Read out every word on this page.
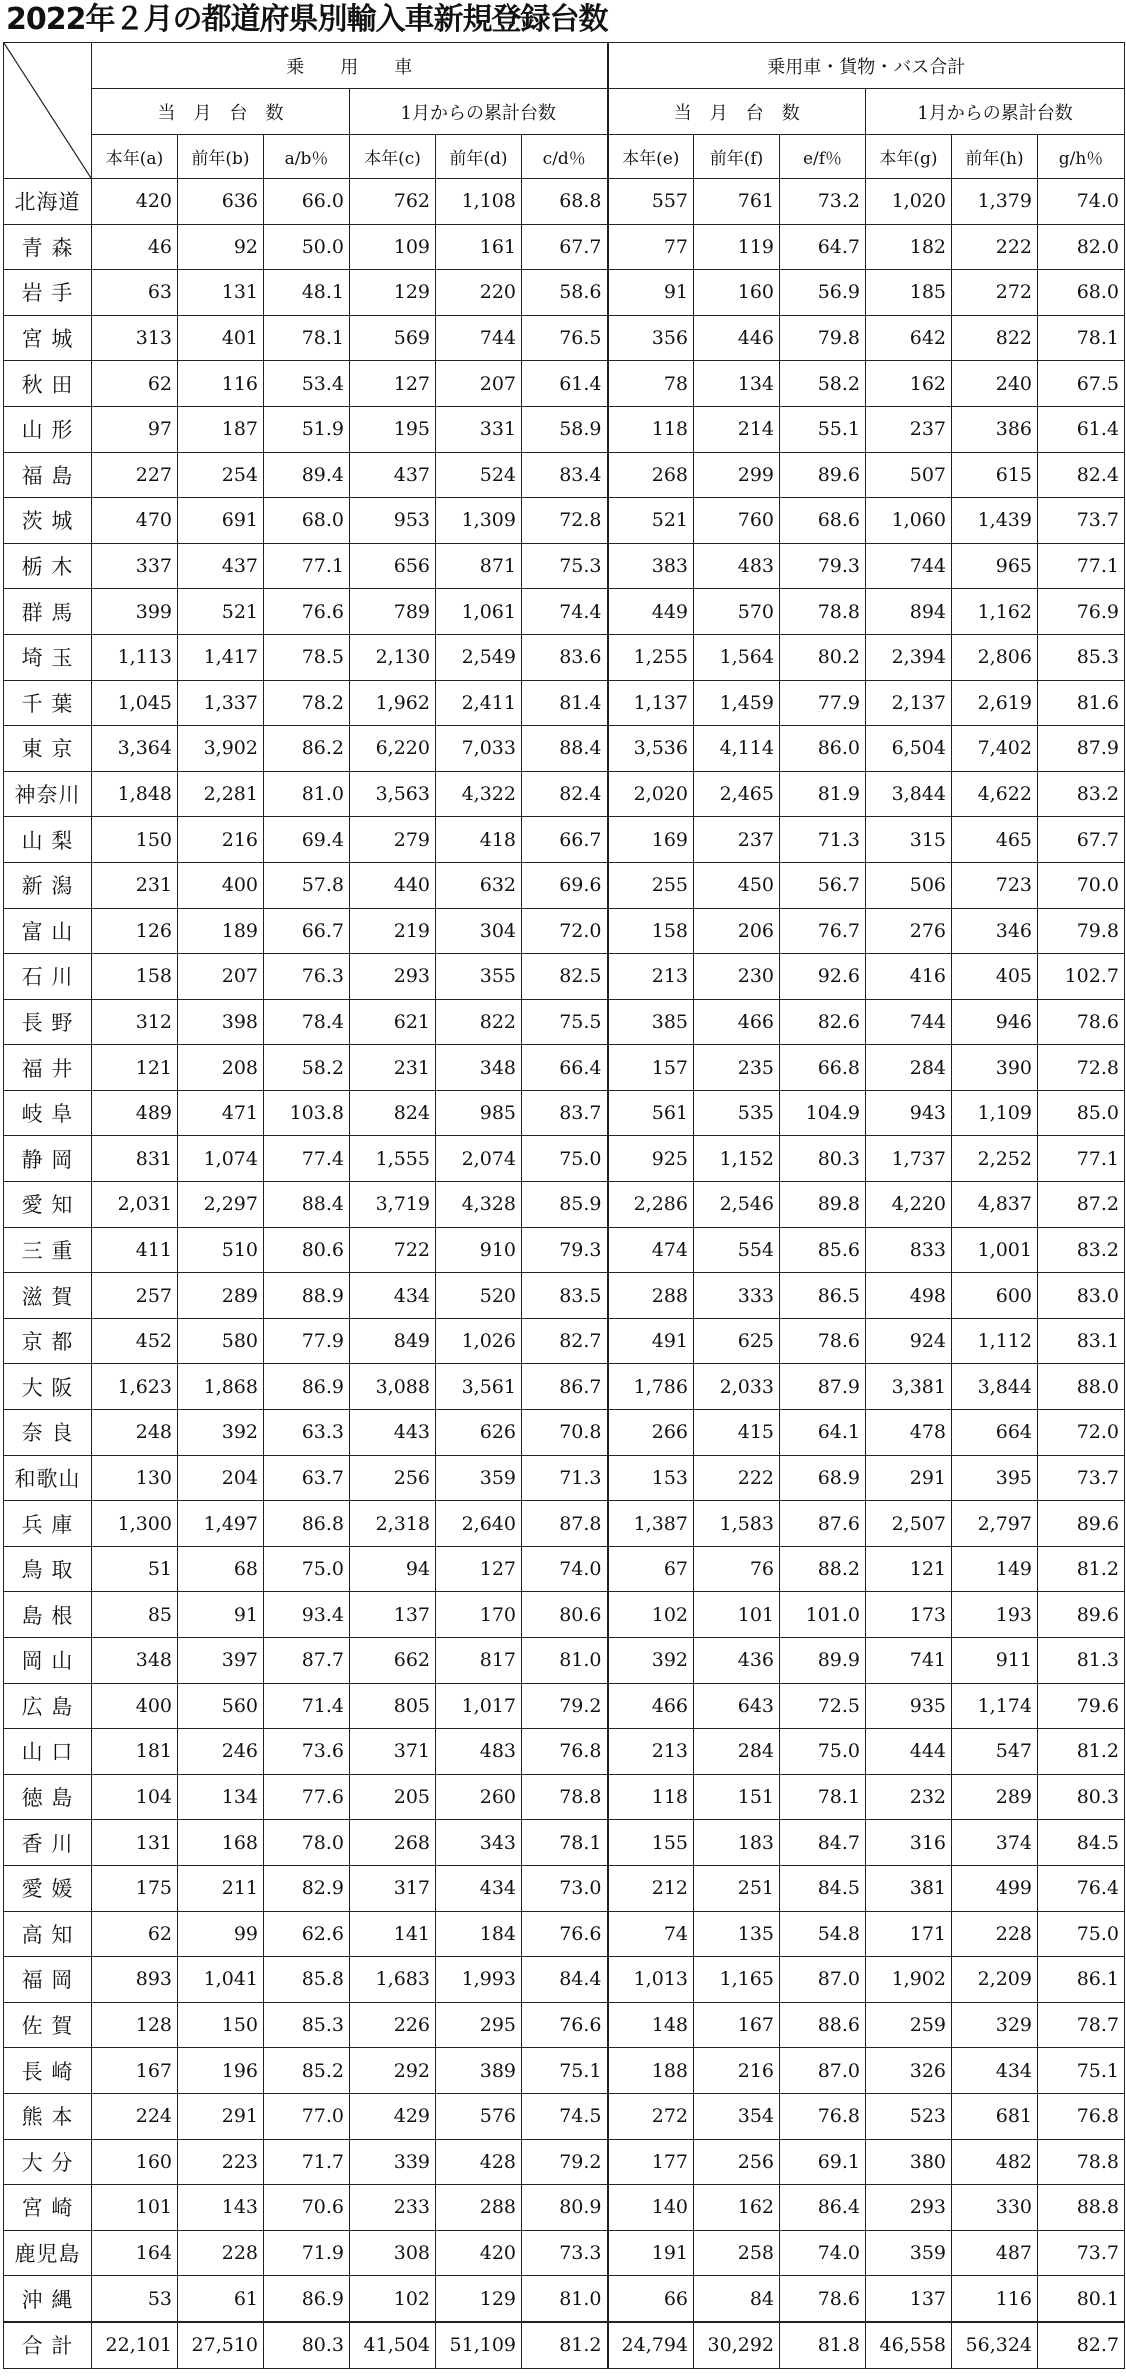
2022年２月の都道府県別輸入車新規登録台数
	乗　　用　　車						乗用車・貨物・バス合計					
	当　月　台　数			1月からの累計台数			当　月　台　数			1月からの累計台数		
	本年(a)	前年(b)	a/b％	本年(c)	前年(d)	c/d％	本年(e)	前年(f)	e/f％	本年(g)	前年(h)	g/h％
北海道	420	636	66.0	762	1,108	68.8	557	761	73.2	1,020	1,379	74.0
青 森	46	92	50.0	109	161	67.7	77	119	64.7	182	222	82.0
岩 手	63	131	48.1	129	220	58.6	91	160	56.9	185	272	68.0
宮 城	313	401	78.1	569	744	76.5	356	446	79.8	642	822	78.1
秋 田	62	116	53.4	127	207	61.4	78	134	58.2	162	240	67.5
山 形	97	187	51.9	195	331	58.9	118	214	55.1	237	386	61.4
福 島	227	254	89.4	437	524	83.4	268	299	89.6	507	615	82.4
茨 城	470	691	68.0	953	1,309	72.8	521	760	68.6	1,060	1,439	73.7
栃 木	337	437	77.1	656	871	75.3	383	483	79.3	744	965	77.1
群 馬	399	521	76.6	789	1,061	74.4	449	570	78.8	894	1,162	76.9
埼 玉	1,113	1,417	78.5	2,130	2,549	83.6	1,255	1,564	80.2	2,394	2,806	85.3
千 葉	1,045	1,337	78.2	1,962	2,411	81.4	1,137	1,459	77.9	2,137	2,619	81.6
東 京	3,364	3,902	86.2	6,220	7,033	88.4	3,536	4,114	86.0	6,504	7,402	87.9
神奈川	1,848	2,281	81.0	3,563	4,322	82.4	2,020	2,465	81.9	3,844	4,622	83.2
山 梨	150	216	69.4	279	418	66.7	169	237	71.3	315	465	67.7
新 潟	231	400	57.8	440	632	69.6	255	450	56.7	506	723	70.0
富 山	126	189	66.7	219	304	72.0	158	206	76.7	276	346	79.8
石 川	158	207	76.3	293	355	82.5	213	230	92.6	416	405	102.7
長 野	312	398	78.4	621	822	75.5	385	466	82.6	744	946	78.6
福 井	121	208	58.2	231	348	66.4	157	235	66.8	284	390	72.8
岐 阜	489	471	103.8	824	985	83.7	561	535	104.9	943	1,109	85.0
静 岡	831	1,074	77.4	1,555	2,074	75.0	925	1,152	80.3	1,737	2,252	77.1
愛 知	2,031	2,297	88.4	3,719	4,328	85.9	2,286	2,546	89.8	4,220	4,837	87.2
三 重	411	510	80.6	722	910	79.3	474	554	85.6	833	1,001	83.2
滋 賀	257	289	88.9	434	520	83.5	288	333	86.5	498	600	83.0
京 都	452	580	77.9	849	1,026	82.7	491	625	78.6	924	1,112	83.1
大 阪	1,623	1,868	86.9	3,088	3,561	86.7	1,786	2,033	87.9	3,381	3,844	88.0
奈 良	248	392	63.3	443	626	70.8	266	415	64.1	478	664	72.0
和歌山	130	204	63.7	256	359	71.3	153	222	68.9	291	395	73.7
兵 庫	1,300	1,497	86.8	2,318	2,640	87.8	1,387	1,583	87.6	2,507	2,797	89.6
鳥 取	51	68	75.0	94	127	74.0	67	76	88.2	121	149	81.2
島 根	85	91	93.4	137	170	80.6	102	101	101.0	173	193	89.6
岡 山	348	397	87.7	662	817	81.0	392	436	89.9	741	911	81.3
広 島	400	560	71.4	805	1,017	79.2	466	643	72.5	935	1,174	79.6
山 口	181	246	73.6	371	483	76.8	213	284	75.0	444	547	81.2
徳 島	104	134	77.6	205	260	78.8	118	151	78.1	232	289	80.3
香 川	131	168	78.0	268	343	78.1	155	183	84.7	316	374	84.5
愛 媛	175	211	82.9	317	434	73.0	212	251	84.5	381	499	76.4
高 知	62	99	62.6	141	184	76.6	74	135	54.8	171	228	75.0
福 岡	893	1,041	85.8	1,683	1,993	84.4	1,013	1,165	87.0	1,902	2,209	86.1
佐 賀	128	150	85.3	226	295	76.6	148	167	88.6	259	329	78.7
長 崎	167	196	85.2	292	389	75.1	188	216	87.0	326	434	75.1
熊 本	224	291	77.0	429	576	74.5	272	354	76.8	523	681	76.8
大 分	160	223	71.7	339	428	79.2	177	256	69.1	380	482	78.8
宮 崎	101	143	70.6	233	288	80.9	140	162	86.4	293	330	88.8
鹿児島	164	228	71.9	308	420	73.3	191	258	74.0	359	487	73.7
沖 縄	53	61	86.9	102	129	81.0	66	84	78.6	137	116	80.1
合 計	22,101	27,510	80.3	41,504	51,109	81.2	24,794	30,292	81.8	46,558	56,324	82.7
